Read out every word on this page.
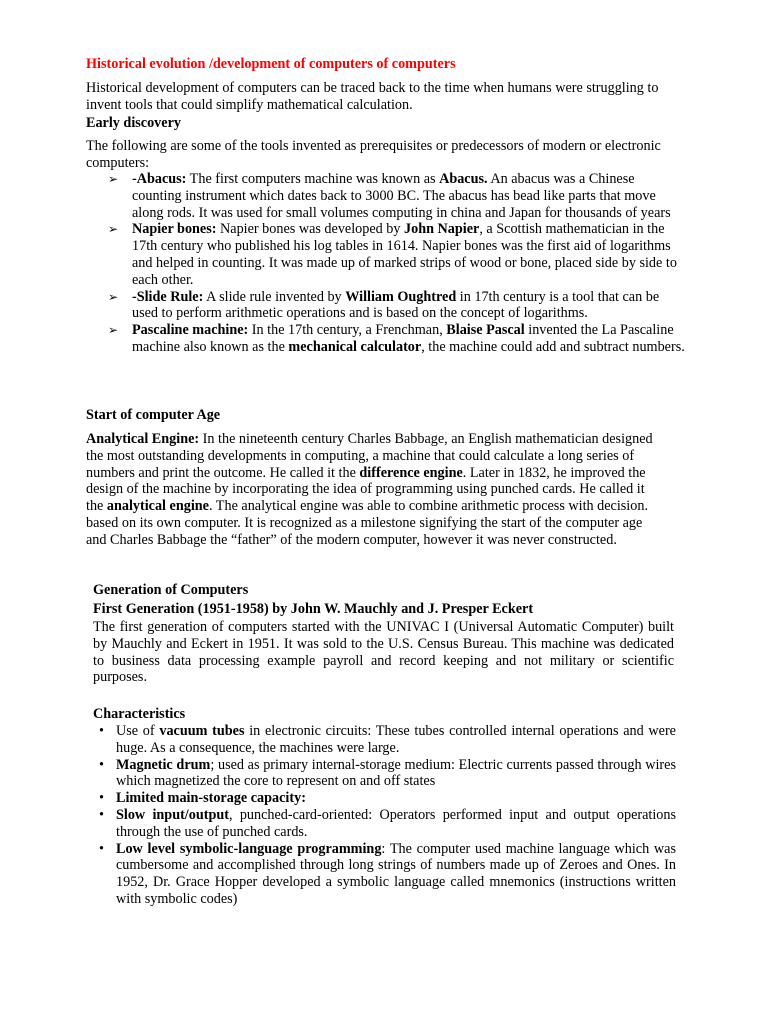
Historical evolution /development of computers of computers
Historical development of computers can be traced back to the time when humans were struggling to invent tools that could simplify mathematical calculation.
Early discovery
The following are some of the tools invented as prerequisites or predecessors of modern or electronic computers:
➢ -Abacus: The first computers machine was known as Abacus. An abacus was a Chinese counting instrument which dates back to 3000 BC. The abacus has bead like parts that move along rods. It was used for small volumes computing in china and Japan for thousands of years
➢ Napier bones: Napier bones was developed by John Napier, a Scottish mathematician in the 17th century who published his log tables in 1614. Napier bones was the first aid of logarithms and helped in counting. It was made up of marked strips of wood or bone, placed side by side to each other.
➢ -Slide Rule: A slide rule invented by William Oughtred in 17th century is a tool that can be used to perform arithmetic operations and is based on the concept of logarithms.
➢ Pascaline machine: In the 17th century, a Frenchman, Blaise Pascal invented the La Pascaline machine also known as the mechanical calculator, the machine could add and subtract numbers.
Start of computer Age
Analytical Engine: In the nineteenth century Charles Babbage, an English mathematician designed the most outstanding developments in computing, a machine that could calculate a long series of numbers and print the outcome. He called it the difference engine. Later in 1832, he improved the design of the machine by incorporating the idea of programming using punched cards. He called it the analytical engine. The analytical engine was able to combine arithmetic process with decision. based on its own computer. It is recognized as a milestone signifying the start of the computer age and Charles Babbage the “father” of the modern computer, however it was never constructed.
Generation of Computers
First Generation (1951-1958) by John W. Mauchly and J. Presper Eckert
The first generation of computers started with the UNIVAC I (Universal Automatic Computer) built by Mauchly and Eckert in 1951. It was sold to the U.S. Census Bureau. This machine was dedicated to business data processing example payroll and record keeping and not military or scientific purposes.
Characteristics
• Use of vacuum tubes in electronic circuits: These tubes controlled internal operations and were huge. As a consequence, the machines were large.
• Magnetic drum; used as primary internal-storage medium: Electric currents passed through wires which magnetized the core to represent on and off states
• Limited main-storage capacity:
• Slow input/output, punched-card-oriented: Operators performed input and output operations through the use of punched cards.
• Low level symbolic-language programming: The computer used machine language which was cumbersome and accomplished through long strings of numbers made up of Zeroes and Ones. In 1952, Dr. Grace Hopper developed a symbolic language called mnemonics (instructions written with symbolic codes)
